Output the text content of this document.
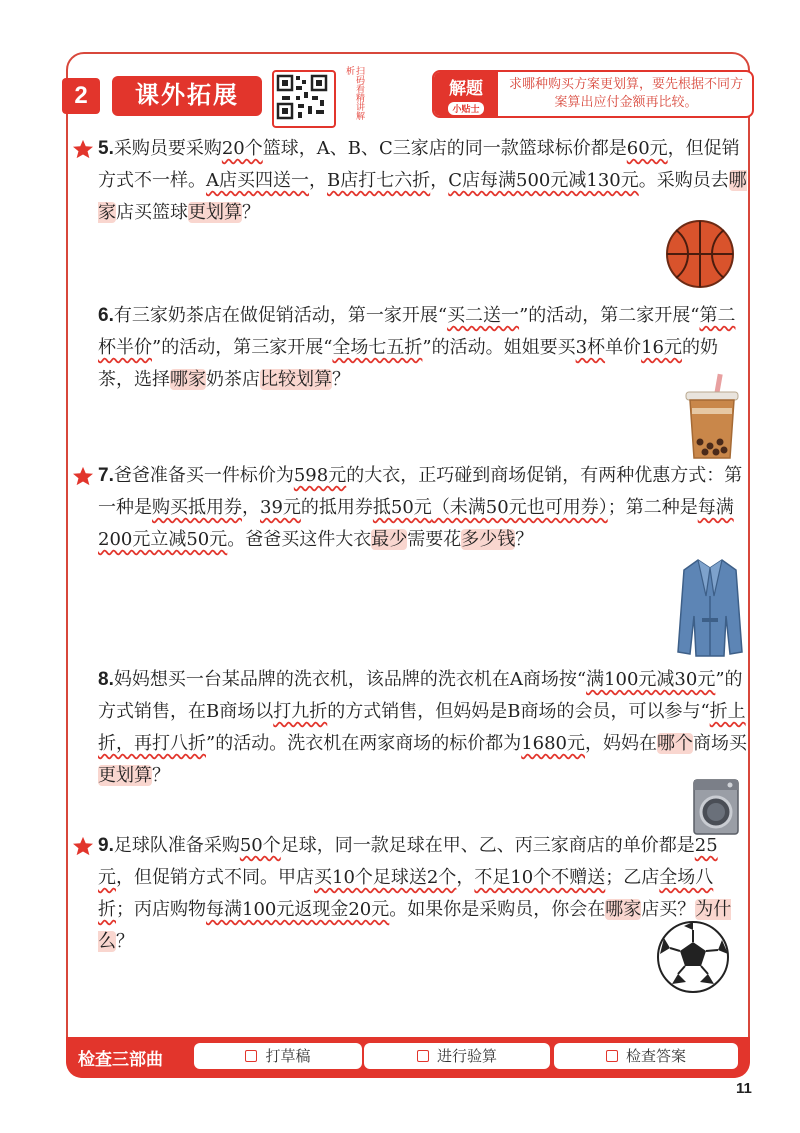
2	课外拓展	扫码看精讲解析
解题
小贴士
求哪种购买方案更划算，要先根据不同方案算出应付金额再比较。
5.采购员要采购20个篮球，A、B、C三家店的同一款篮球标价都是60元，但促销方式不一样。A店买四送一，B店打七六折，C店每满500元减130元。采购员去哪家店买篮球更划算？
6.有三家奶茶店在做促销活动，第一家开展“买二送一”的活动，第二家开展“第二杯半价”的活动，第三家开展“全场七五折”的活动。姐姐要买3杯单价16元的奶茶，选择哪家奶茶店比较划算？
7.爸爸准备买一件标价为598元的大衣，正巧碰到商场促销，有两种优惠方式：第一种是购买抵用券，39元的抵用券抵50元（未满50元也可用券）；第二种是每满200元立减50元。爸爸买这件大衣最少需要花多少钱？
8.妈妈想买一台某品牌的洗衣机，该品牌的洗衣机在A商场按“满100元减30元”的方式销售，在B商场以打九折的方式销售，但妈妈是B商场的会员，可以参与“折上折，再打八折”的活动。洗衣机在两家商场的标价都为1680元，妈妈在哪个商场买更划算？
9.足球队准备采购50个足球，同一款足球在甲、乙、丙三家商店的单价都是25元，但促销方式不同。甲店买10个足球送2个，不足10个不赠送；乙店全场八折；丙店购物每满100元返现金20元。如果你是采购员，你会在哪家店买？为什么？
检查三部曲	打草稿	进行验算	检查答案
11
